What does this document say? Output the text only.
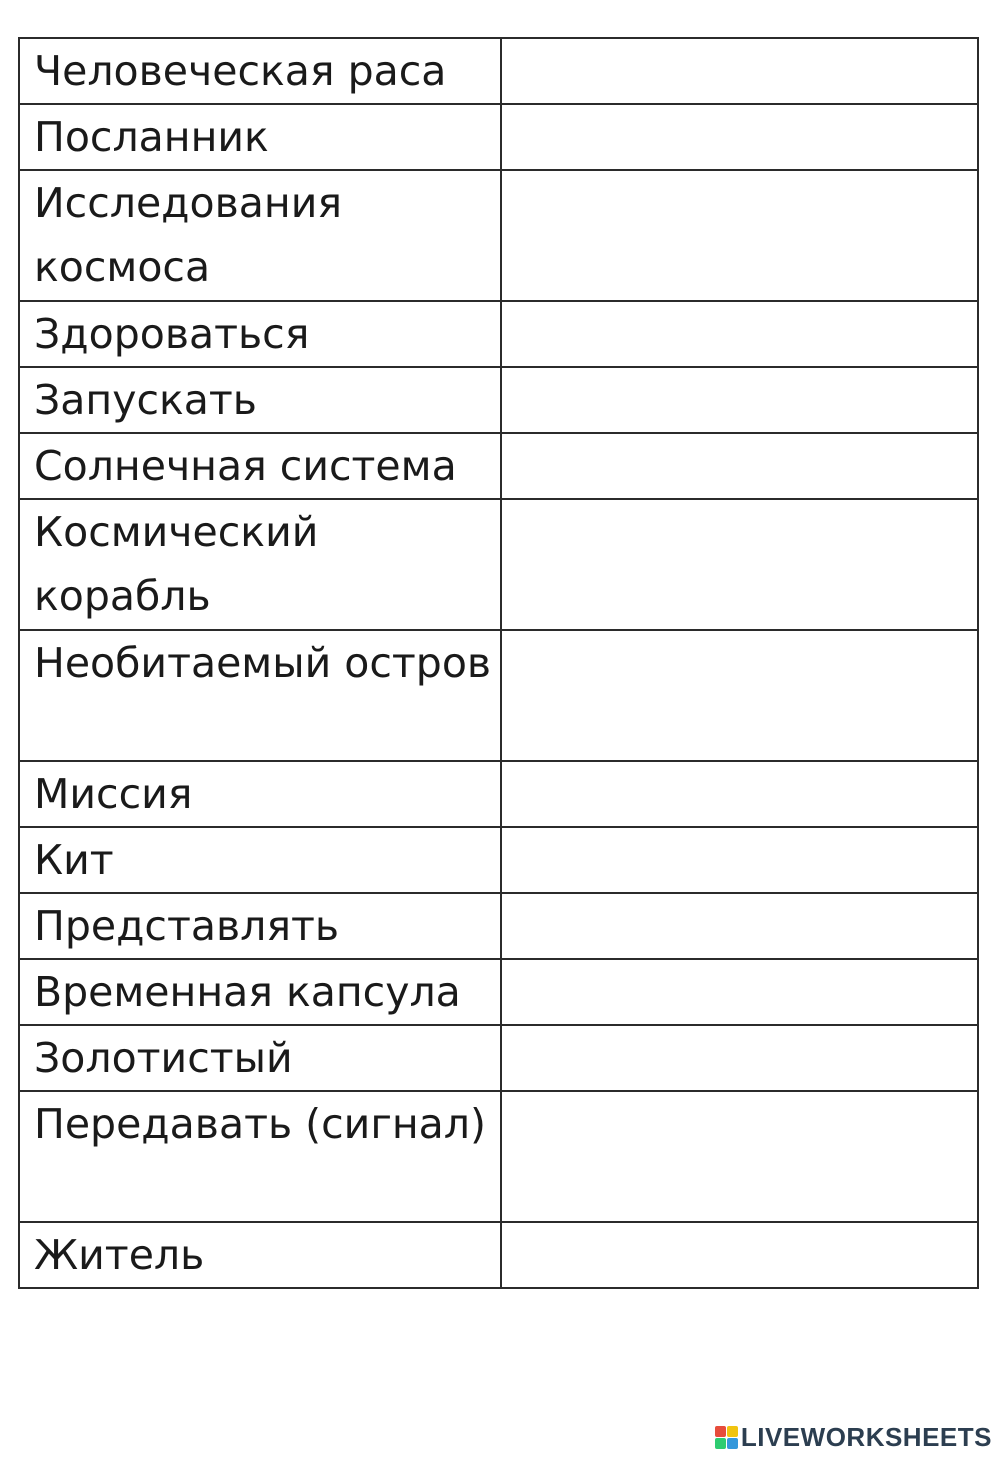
Человеческая раса	

Посланник	

Исследования космоса	

Здороваться	

Запускать	

Солнечная система	

Космический корабль	

Необитаемый остров	

Миссия	

Кит	

Представлять	

Временная капсула	

Золотистый	

Передавать (сигнал)	

Житель	
LIVEWORKSHEETS
